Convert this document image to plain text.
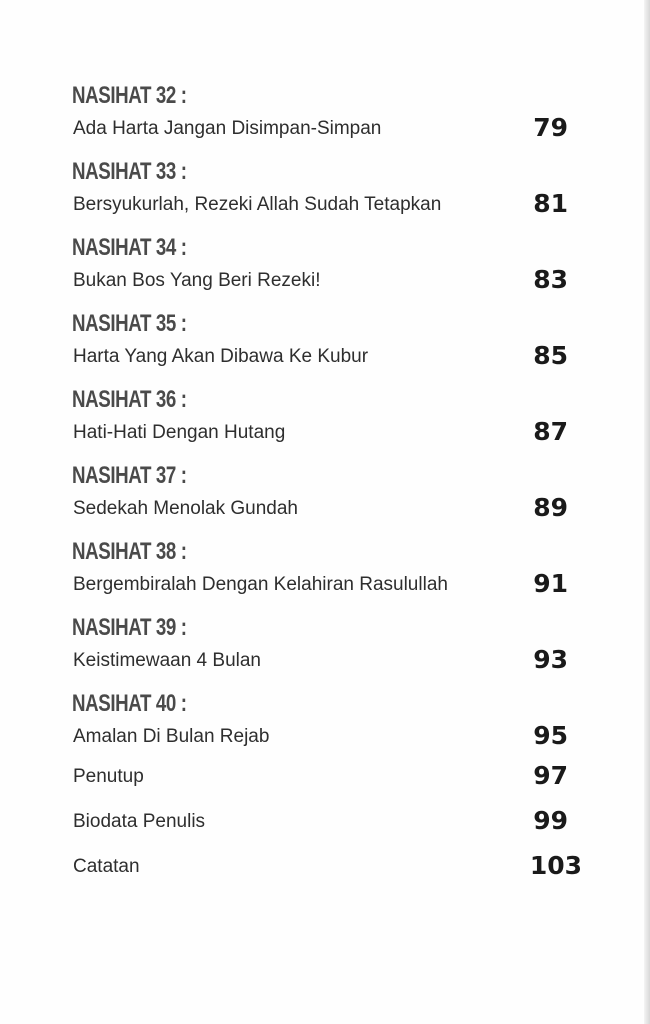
NASIHAT 32 :
Ada Harta Jangan Disimpan-Simpan	79
NASIHAT 33 :
Bersyukurlah, Rezeki Allah Sudah Tetapkan	81
NASIHAT 34 :
Bukan Bos Yang Beri Rezeki!	83
NASIHAT 35 :
Harta Yang Akan Dibawa Ke Kubur	85
NASIHAT 36 :
Hati-Hati Dengan Hutang	87
NASIHAT 37 :
Sedekah Menolak Gundah	89
NASIHAT 38 :
Bergembiralah Dengan Kelahiran Rasulullah	91
NASIHAT 39 :
Keistimewaan 4 Bulan	93
NASIHAT 40 :
Amalan Di Bulan Rejab	95
Penutup	97
Biodata Penulis	99
Catatan	103
